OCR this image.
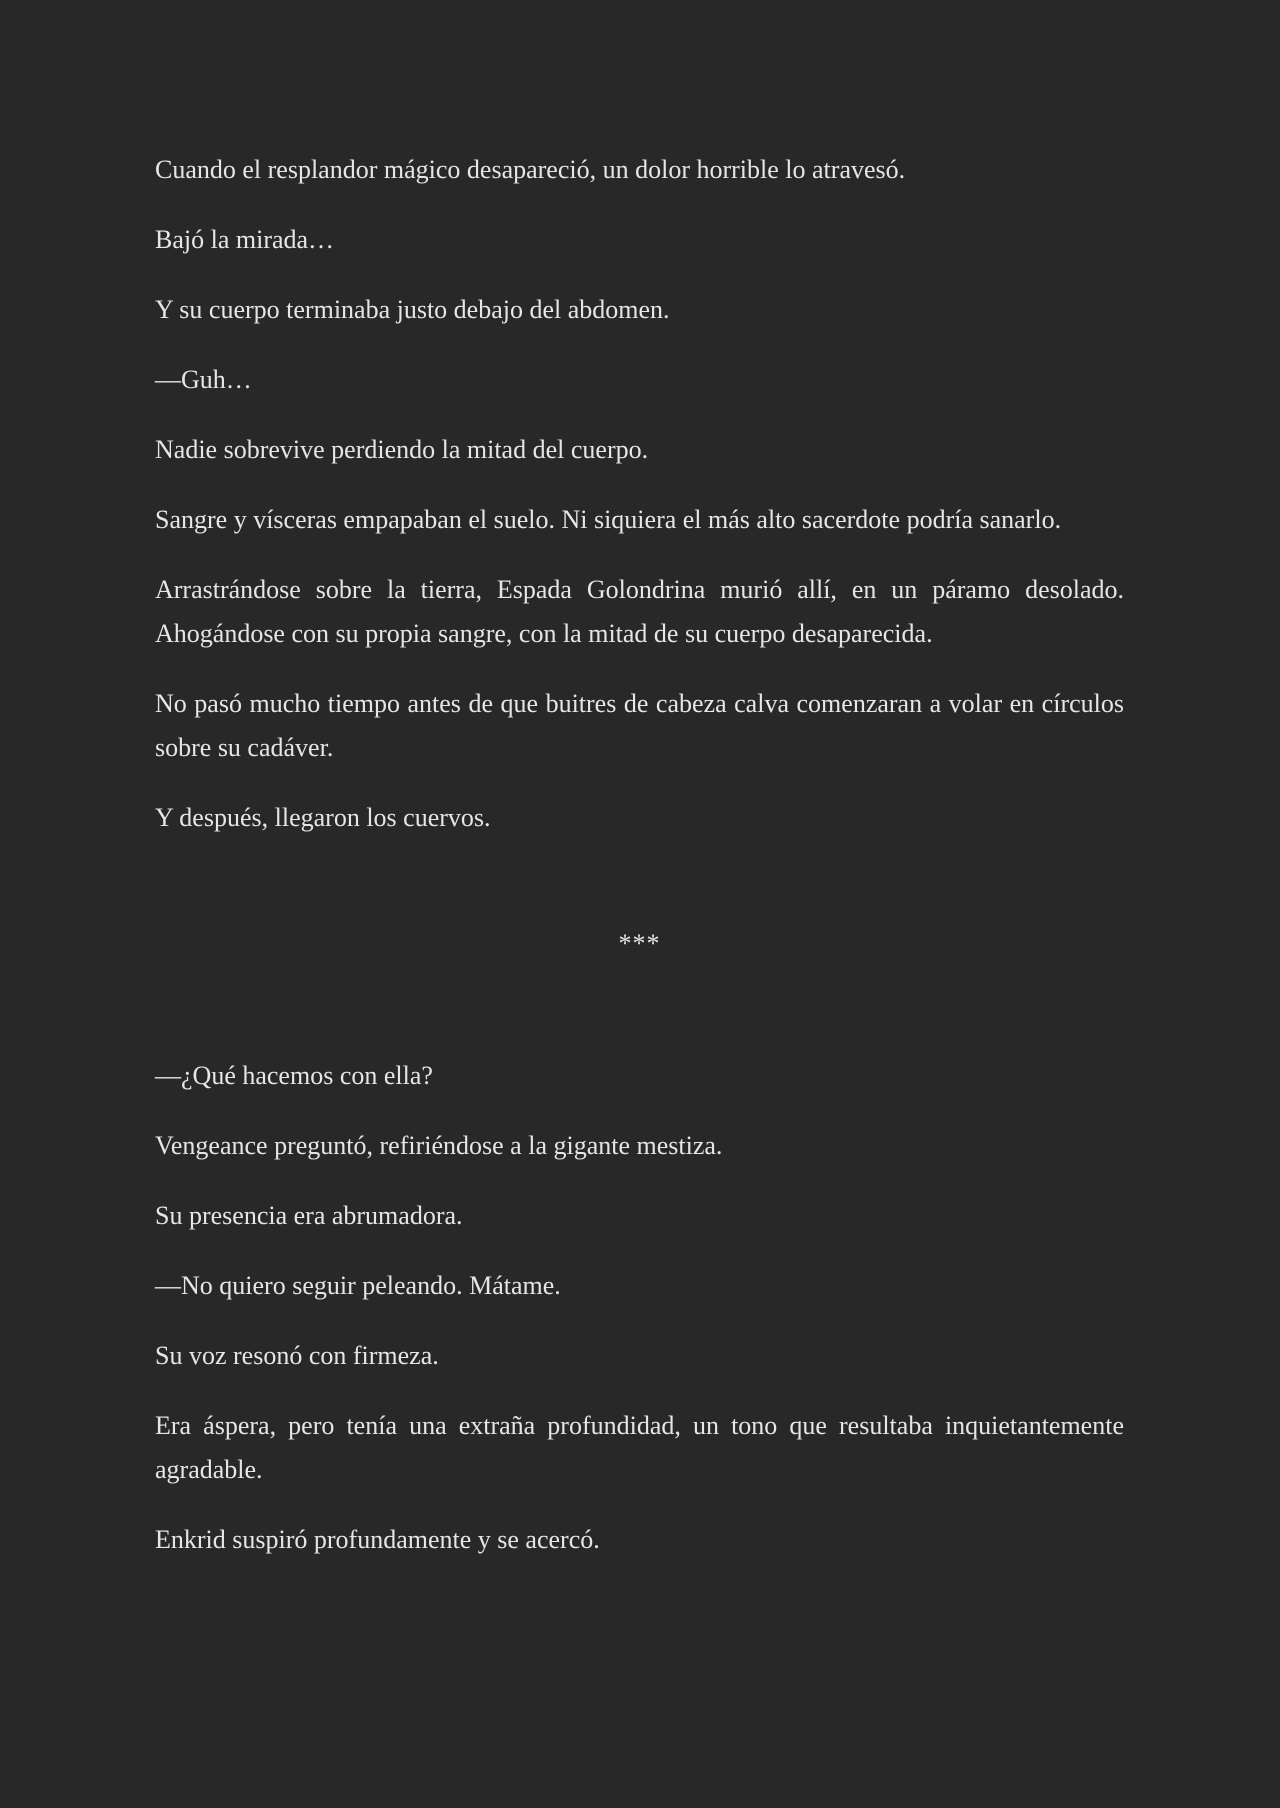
Cuando el resplandor mágico desapareció, un dolor horrible lo atravesó.

Bajó la mirada…

Y su cuerpo terminaba justo debajo del abdomen.

—Guh…

Nadie sobrevive perdiendo la mitad del cuerpo.

Sangre y vísceras empapaban el suelo. Ni siquiera el más alto sacerdote podría sanarlo.

Arrastrándose sobre la tierra, Espada Golondrina murió allí, en un páramo desolado. Ahogándose con su propia sangre, con la mitad de su cuerpo desaparecida.

No pasó mucho tiempo antes de que buitres de cabeza calva comenzaran a volar en círculos sobre su cadáver.

Y después, llegaron los cuervos.

***

—¿Qué hacemos con ella?

Vengeance preguntó, refiriéndose a la gigante mestiza.

Su presencia era abrumadora.

—No quiero seguir peleando. Mátame.

Su voz resonó con firmeza.

Era áspera, pero tenía una extraña profundidad, un tono que resultaba inquietantemente agradable.

Enkrid suspiró profundamente y se acercó.
